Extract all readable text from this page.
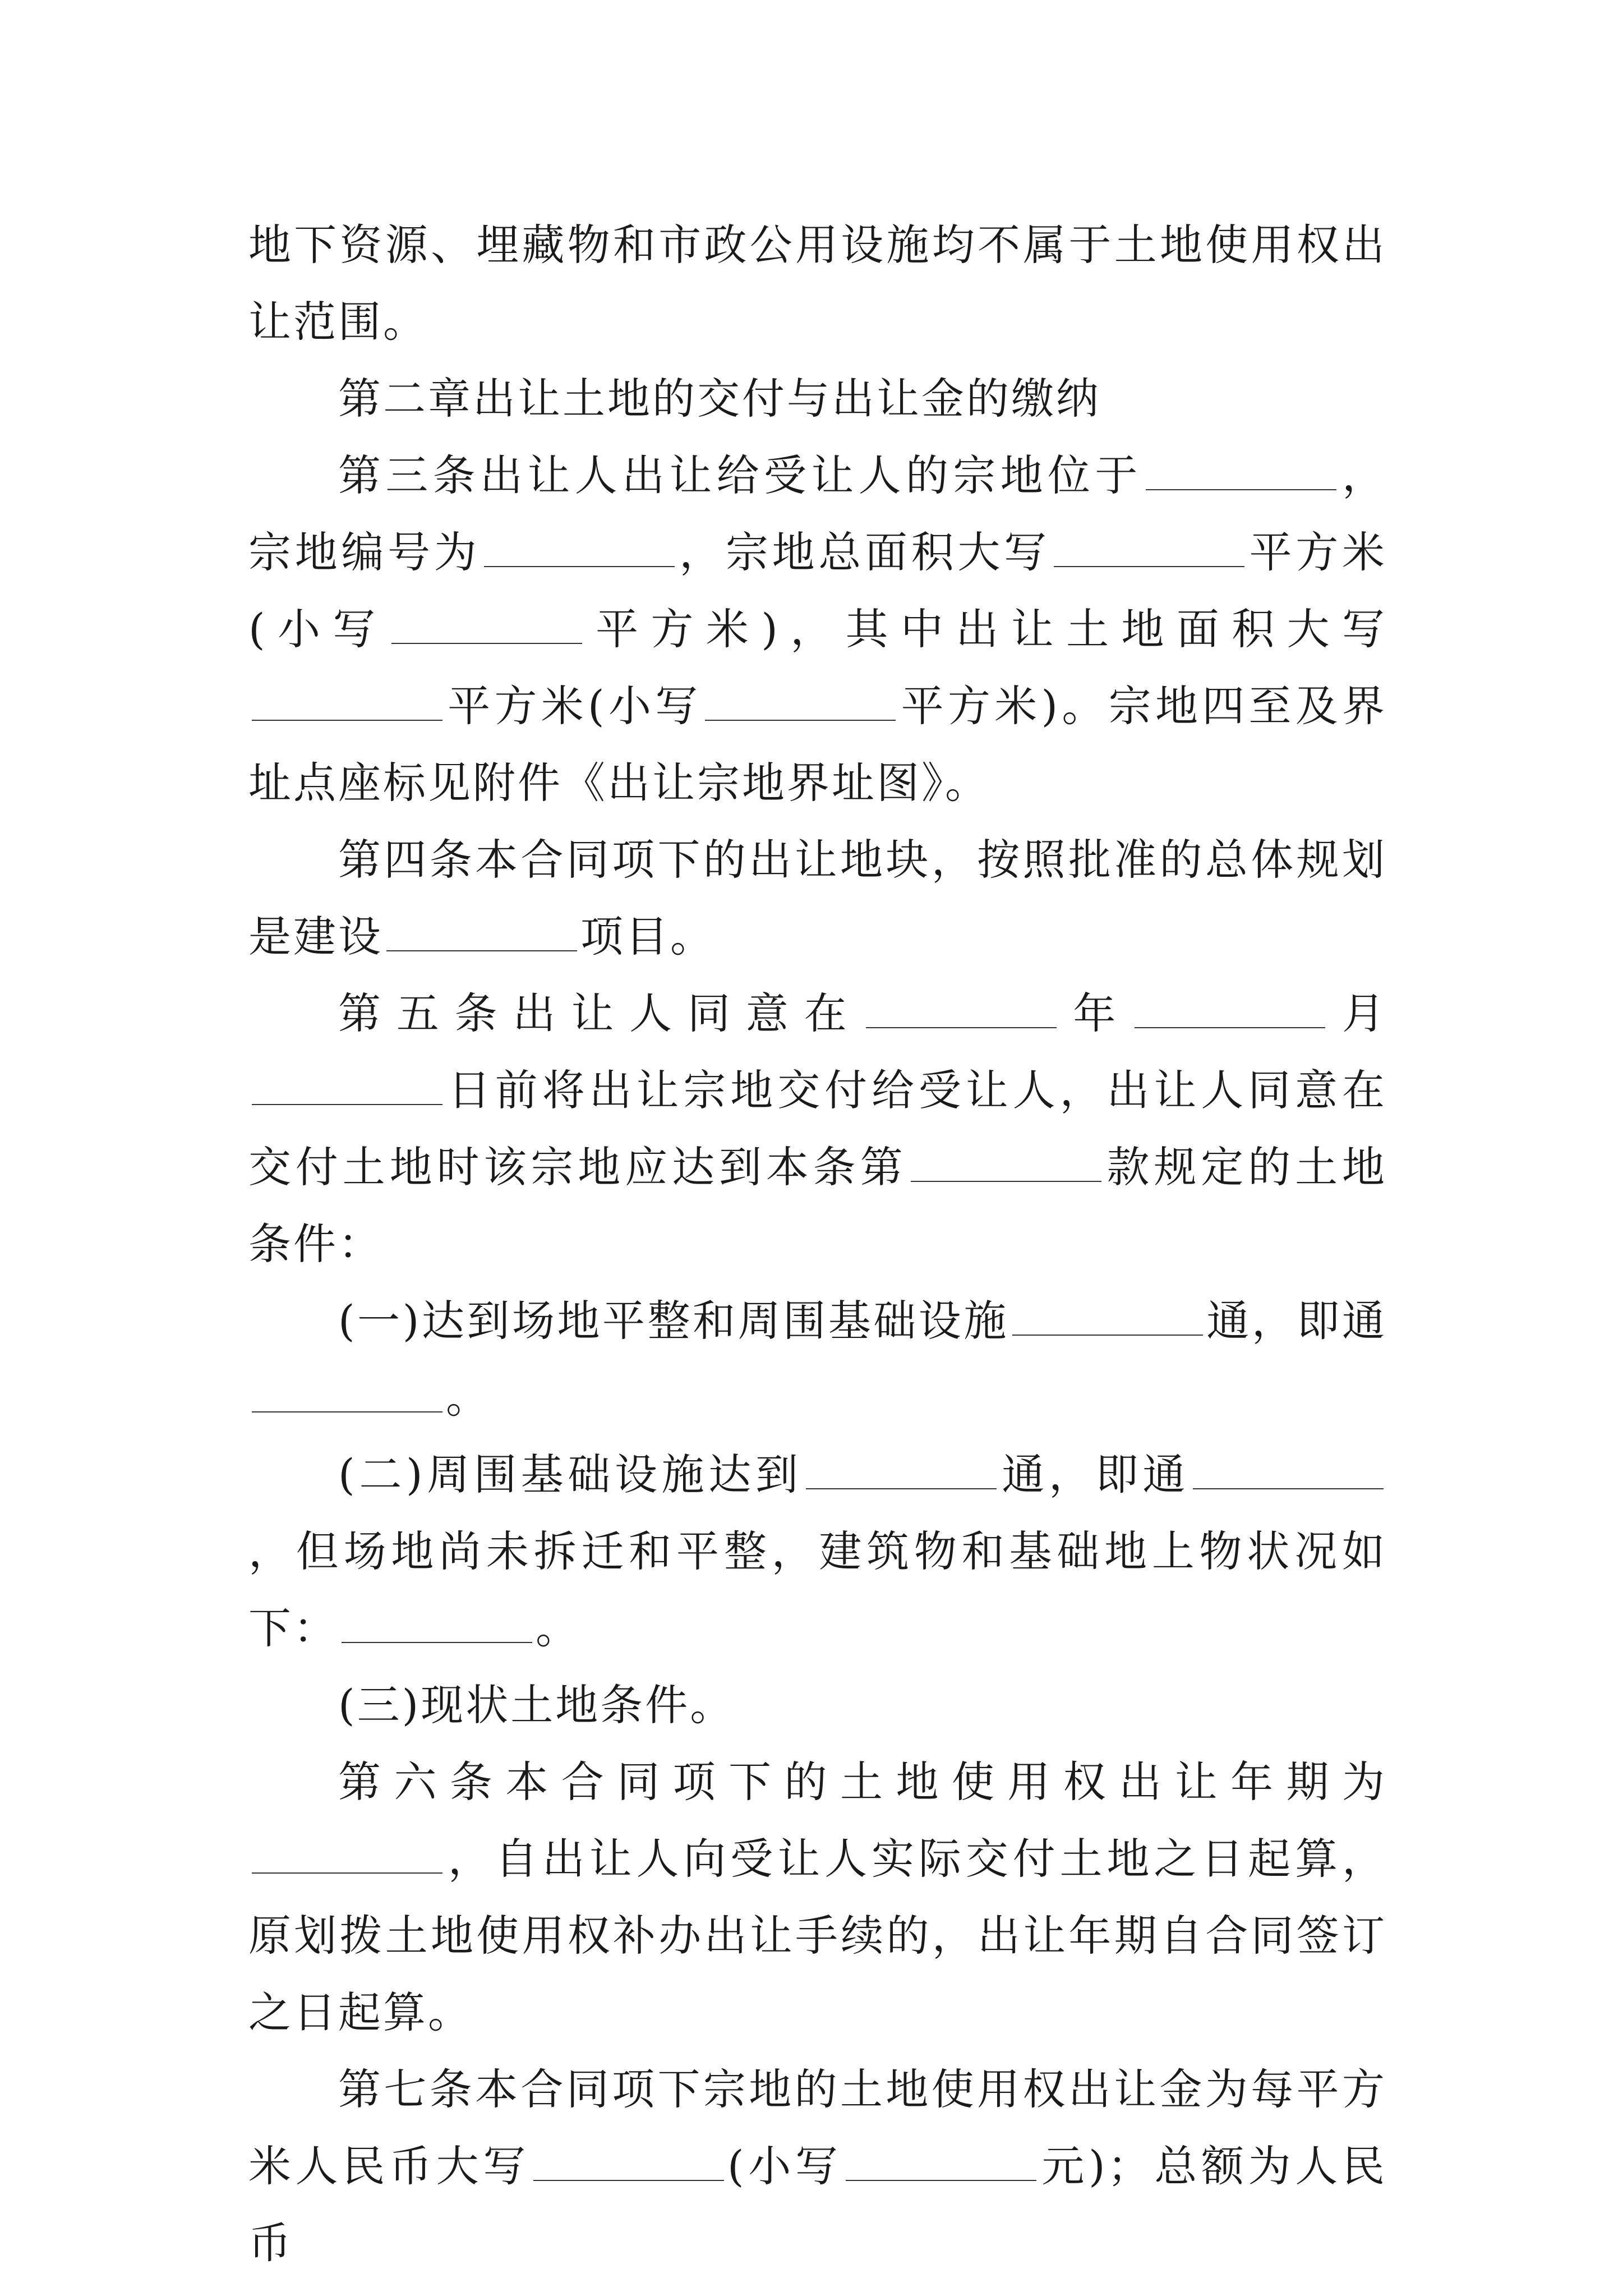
地下资源、埋藏物和市政公用设施均不属于土地使用权出让范围。

第二章出让土地的交付与出让金的缴纳

第三条出让人出让给受让人的宗地位于	，宗地编号为	，宗地总面积大写	平方米(小写	平方米)，其中出让土地面积大写平方米(小写	平方米)。宗地四至及界址点座标见附件《出让宗地界址图》。

第四条本合同项下的出让地块，按照批准的总体规划是建设	项目。

第五条出让人同意在	年	月日前将出让宗地交付给受让人，出让人同意在交付土地时该宗地应达到本条第	款规定的土地条件：

(一)达到场地平整和周围基础设施	通，即通。

(二)周围基础设施达到	通，即通，但场地尚未拆迁和平整，建筑物和基础地上物状况如下：	。

(三)现状土地条件。

第六条本合同项下的土地使用权出让年期为，自出让人向受让人实际交付土地之日起算，原划拨土地使用权补办出让手续的，出让年期自合同签订之日起算。

第七条本合同项下宗地的土地使用权出让金为每平方米人民币大写	(小写	元)；总额为人民币
